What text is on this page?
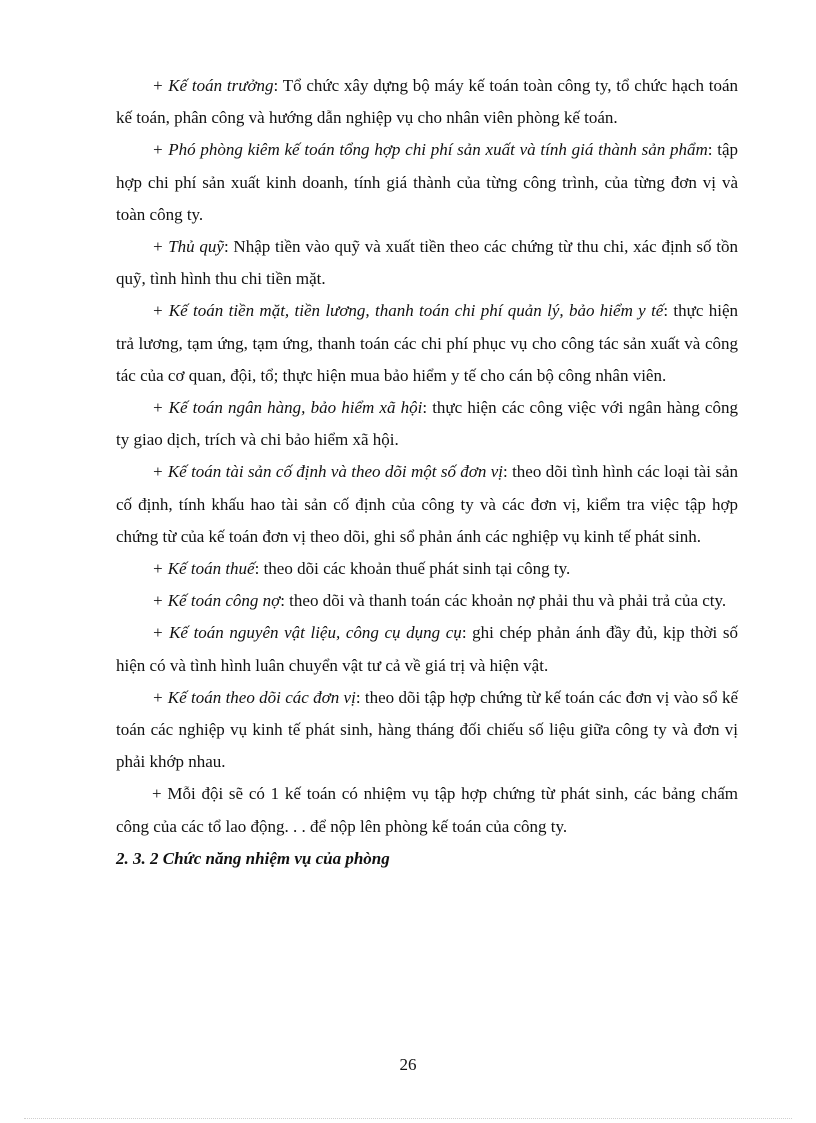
+ Kế toán trưởng: Tổ chức xây dựng bộ máy kế toán toàn công ty, tổ chức hạch toán kế toán, phân công và hướng dẫn nghiệp vụ cho nhân viên phòng kế toán.

+ Phó phòng kiêm kế toán tổng hợp chi phí sản xuất và tính giá thành sản phẩm: tập hợp chi phí sản xuất kinh doanh, tính giá thành của từng công trình, của từng đơn vị và toàn công ty.

+ Thủ quỹ: Nhập tiền vào quỹ và xuất tiền theo các chứng từ thu chi, xác định số tồn quỹ, tình hình thu chi tiền mặt.

+ Kế toán tiền mặt, tiền lương, thanh toán chi phí quản lý, bảo hiểm y tế: thực hiện trả lương, tạm ứng, tạm ứng, thanh toán các chi phí phục vụ cho công tác sản xuất và công tác của cơ quan, đội, tổ; thực hiện mua bảo hiểm y tế cho cán bộ công nhân viên.

+ Kế toán ngân hàng, bảo hiểm xã hội: thực hiện các công việc với ngân hàng công ty giao dịch, trích và chi bảo hiểm xã hội.

+ Kế toán tài sản cố định và theo dõi một số đơn vị: theo dõi tình hình các loại tài sản cố định, tính khấu hao tài sản cố định của công ty và các đơn vị, kiểm tra việc tập hợp chứng từ của kế toán đơn vị theo dõi, ghi sổ phản ánh các nghiệp vụ kinh tế phát sinh.

+ Kế toán thuế: theo dõi các khoản thuế phát sinh tại công ty.

+ Kế toán công nợ: theo dõi và thanh toán các khoản nợ phải thu và phải trả của cty.

+ Kế toán nguyên vật liệu, công cụ dụng cụ: ghi chép phản ánh đầy đủ, kịp thời số hiện có và tình hình luân chuyển vật tư cả về giá trị và hiện vật.

+ Kế toán theo dõi các đơn vị: theo dõi tập hợp chứng từ kế toán các đơn vị vào sổ kế toán các nghiệp vụ kinh tế phát sinh, hàng tháng đối chiếu số liệu giữa công ty và đơn vị phải khớp nhau.

+ Mỗi đội sẽ có 1 kế toán có nhiệm vụ tập hợp chứng từ phát sinh, các bảng chấm công của các tổ lao động. . . để nộp lên phòng kế toán của công ty.

2. 3. 2 Chức năng nhiệm vụ của phòng

26
